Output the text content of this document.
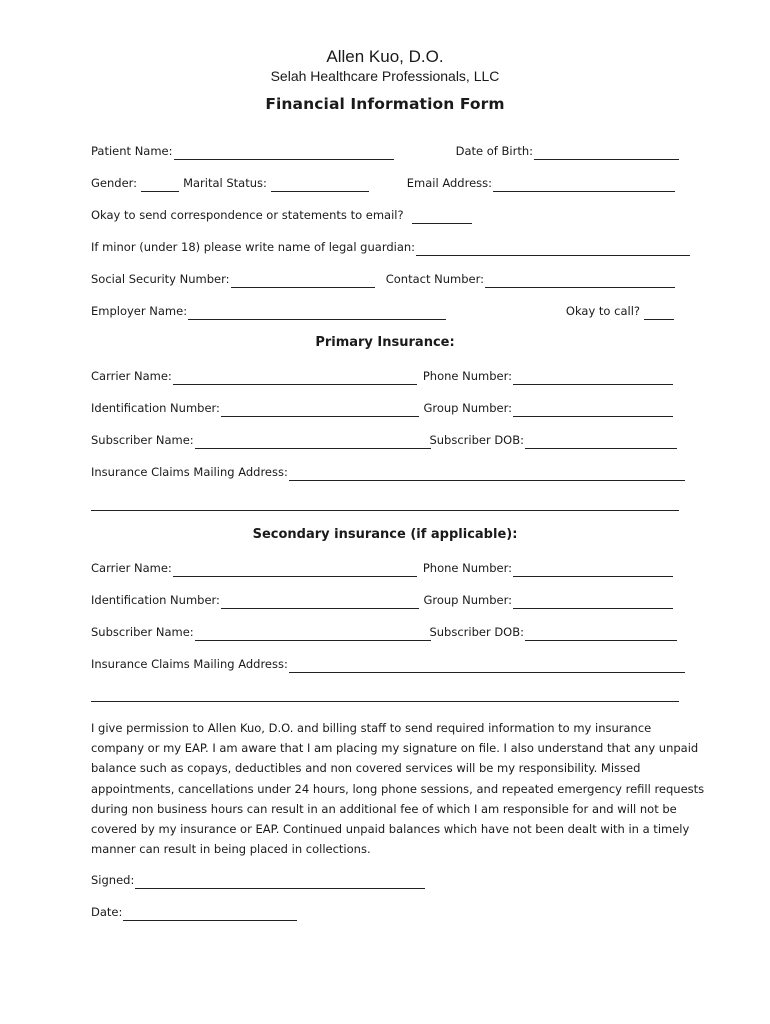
Allen Kuo, D.O.
Selah Healthcare Professionals, LLC
Financial Information Form
Patient Name:	Date of Birth:
Gender:	Marital Status:	Email Address:
Okay to send correspondence or statements to email?
If minor (under 18) please write name of legal guardian:
Social Security Number:	Contact Number:
Employer Name:	Okay to call?
Primary Insurance:
Carrier Name:	Phone Number:
Identification Number:	Group Number:
Subscriber Name:	Subscriber DOB:
Insurance Claims Mailing Address:
Secondary insurance (if applicable):
Carrier Name:	Phone Number:
Identification Number:	Group Number:
Subscriber Name:	Subscriber DOB:
Insurance Claims Mailing Address:
I give permission to Allen Kuo, D.O. and billing staff to send required information to my insurance
company or my EAP. I am aware that I am placing my signature on file. I also understand that any unpaid
balance such as copays, deductibles and non covered services will be my responsibility. Missed
appointments, cancellations under 24 hours, long phone sessions, and repeated emergency refill requests
during non business hours can result in an additional fee of which I am responsible for and will not be
covered by my insurance or EAP. Continued unpaid balances which have not been dealt with in a timely
manner can result in being placed in collections.
Signed:
Date:
